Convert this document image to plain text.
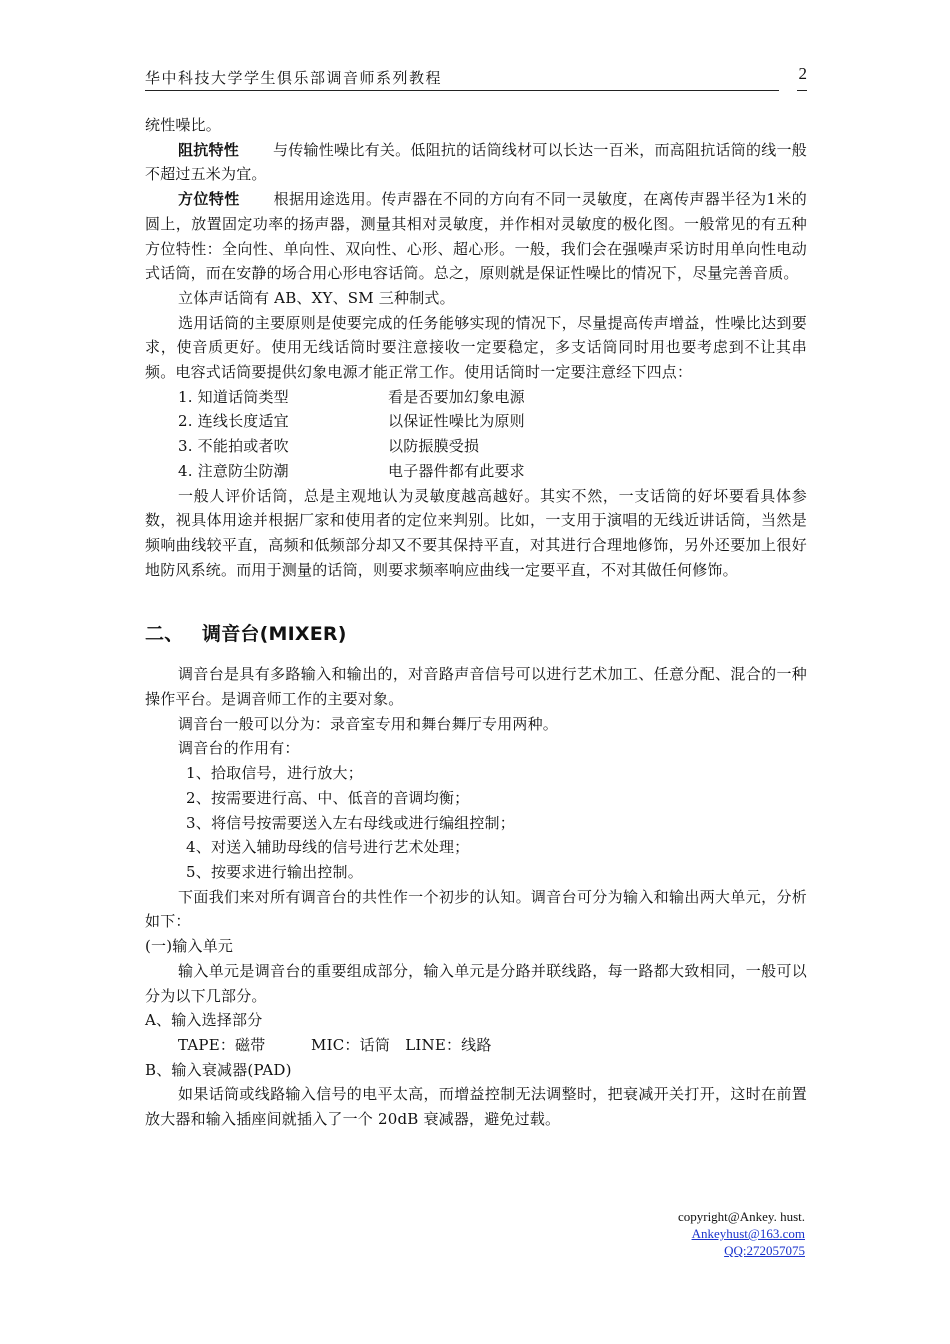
华中科技大学学生俱乐部调音师系列教程	2

统性噪比。

阻抗特性 与传输性噪比有关。低阻抗的话筒线材可以长达一百米，而高阻抗话筒的线一般不超过五米为宜。

方位特性 根据用途选用。传声器在不同的方向有不同一灵敏度，在离传声器半径为1米的圆上，放置固定功率的扬声器，测量其相对灵敏度，并作相对灵敏度的极化图。一般常见的有五种方位特性：全向性、单向性、双向性、心形、超心形。一般，我们会在强噪声采访时用单向性电动式话筒，而在安静的场合用心形电容话筒。总之，原则就是保证性噪比的情况下，尽量完善音质。

立体声话筒有 AB、XY、SM 三种制式。

选用话筒的主要原则是使要完成的任务能够实现的情况下，尽量提高传声增益，性噪比达到要求，使音质更好。使用无线话筒时要注意接收一定要稳定，多支话筒同时用也要考虑到不让其串频。电容式话筒要提供幻象电源才能正常工作。使用话筒时一定要注意经下四点：

1. 知道话筒类型	看是否要加幻象电源
2. 连线长度适宜	以保证性噪比为原则
3. 不能拍或者吹	以防振膜受损
4. 注意防尘防潮	电子器件都有此要求

一般人评价话筒，总是主观地认为灵敏度越高越好。其实不然，一支话筒的好坏要看具体参数，视具体用途并根据厂家和使用者的定位来判别。比如，一支用于演唱的无线近讲话筒，当然是频响曲线较平直，高频和低频部分却又不要其保持平直，对其进行合理地修饰，另外还要加上很好地防风系统。而用于测量的话筒，则要求频率响应曲线一定要平直，不对其做任何修饰。

二、 调音台(MIXER)

调音台是具有多路输入和输出的，对音路声音信号可以进行艺术加工、任意分配、混合的一种操作平台。是调音师工作的主要对象。

调音台一般可以分为：录音室专用和舞台舞厅专用两种。

调音台的作用有：

1、拾取信号，进行放大；

2、按需要进行高、中、低音的音调均衡；

3、将信号按需要送入左右母线或进行编组控制；

4、对送入辅助母线的信号进行艺术处理；

5、按要求进行输出控制。

下面我们来对所有调音台的共性作一个初步的认知。调音台可分为输入和输出两大单元，分析如下：

(一)输入单元

输入单元是调音台的重要组成部分，输入单元是分路并联线路，每一路都大致相同，一般可以分为以下几部分。

A、输入选择部分

TAPE：磁带　　　MIC：话筒　LINE：线路

B、输入衰减器(PAD)

如果话筒或线路输入信号的电平太高，而增益控制无法调整时，把衰减开关打开，这时在前置放大器和输入插座间就插入了一个 20dB 衰减器，避免过载。

copyright@Ankey. hust.
Ankeyhust@163.com
QQ:272057075
